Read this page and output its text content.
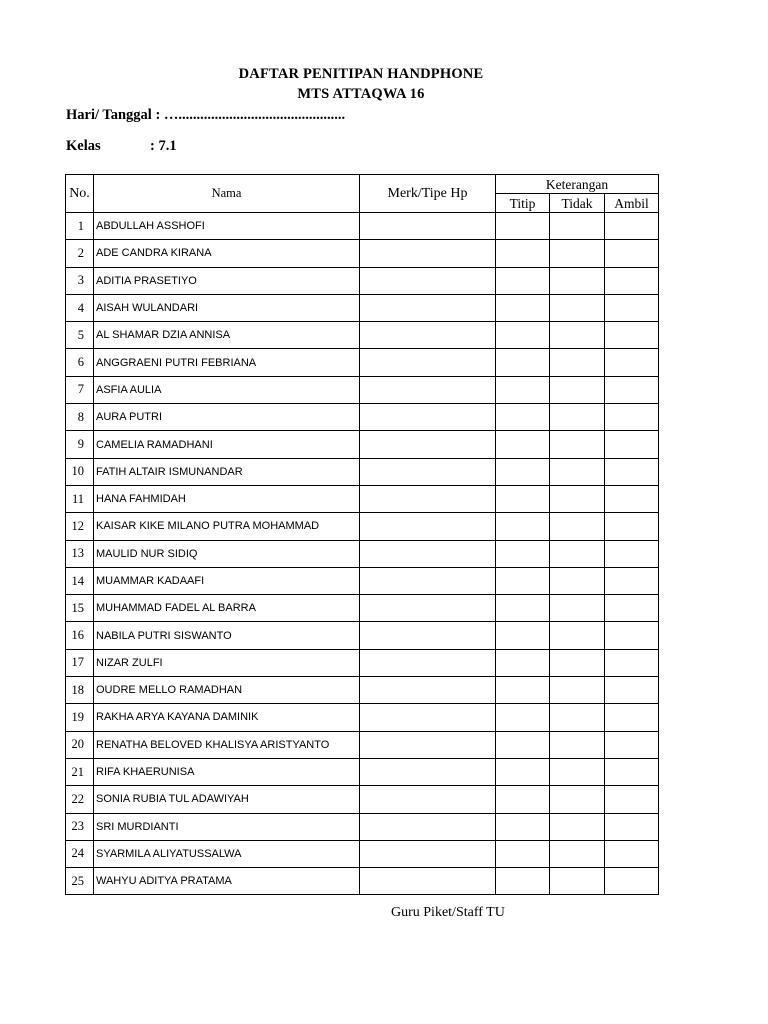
DAFTAR PENITIPAN HANDPHONE
MTS ATTAQWA 16
Hari/ Tanggal : …..............................................
Kelas	: 7.1
No.	Nama	Merk/Tipe Hp	Keterangan		
			Titip	Tidak	Ambil
1	ABDULLAH ASSHOFI				
2	ADE CANDRA KIRANA				
3	ADITIA PRASETIYO				
4	AISAH WULANDARI				
5	AL SHAMAR DZIA ANNISA				
6	ANGGRAENI PUTRI FEBRIANA				
7	ASFIA AULIA				
8	AURA PUTRI				
9	CAMELIA RAMADHANI				
10	FATIH ALTAIR ISMUNANDAR				
11	HANA FAHMIDAH				
12	KAISAR KIKE MILANO PUTRA MOHAMMAD				
13	MAULID NUR SIDIQ				
14	MUAMMAR KADAAFI				
15	MUHAMMAD FADEL AL BARRA				
16	NABILA PUTRI SISWANTO				
17	NIZAR ZULFI				
18	OUDRE MELLO RAMADHAN				
19	RAKHA ARYA KAYANA DAMINIK				
20	RENATHA BELOVED KHALISYA ARISTYANTO				
21	RIFA KHAERUNISA				
22	SONIA RUBIA TUL ADAWIYAH				
23	SRI MURDIANTI				
24	SYARMILA ALIYATUSSALWA				
25	WAHYU ADITYA PRATAMA				
Guru Piket/Staff TU
